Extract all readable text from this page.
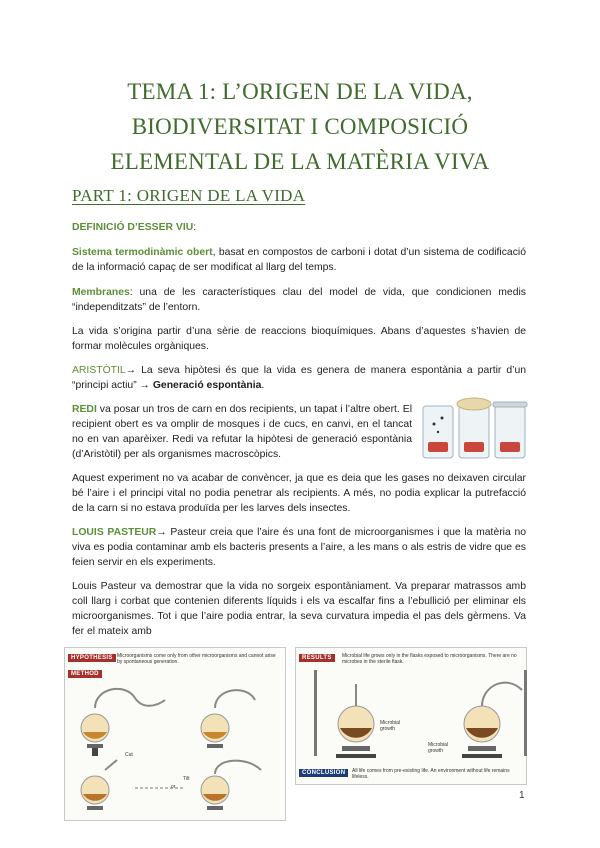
TEMA 1: L’ORIGEN DE LA VIDA,
BIODIVERSITAT I COMPOSICIÓ
ELEMENTAL DE LA MATÈRIA VIVA
PART 1: ORIGEN DE LA VIDA
DEFINICIÓ D’ESSER VIU:
Sistema termodinàmic obert, basat en compostos de carboni i dotat d’un sistema de codificació de la informació capaç de ser modificat al llarg del temps.
Membranes: una de les característiques clau del model de vida, que condicionen medis “independitzats” de l’entorn.
La vida s’origina partir d’una sèrie de reaccions bioquímiques. Abans d’aquestes s’havien de formar molècules orgàniques.
ARISTÒTIL→ La seva hipòtesi és que la vida es genera de manera espontània a partir d’un “principi actiu” → Generació espontània.
REDI va posar un tros de carn en dos recipients, un tapat i l’altre obert. El recipient obert es va omplir de mosques i de cucs, en canvi, en el tancat no en van aparèixer. Redi va refutar la hipòtesi de generació espontània (d’Aristòtil) per als organismes macroscòpics.
Aquest experiment no va acabar de convèncer, ja que es deia que les gases no deixaven circular bé l’aire i el principi vital no podia penetrar als recipients. A més, no podia explicar la putrefacció de la carn si no estava produïda per les larves dels insectes.
LOUIS PASTEUR→ Pasteur creia que l’aire és una font de microorganismes i que la matèria no viva es podia contaminar amb els bacteris presents a l’aire, a les mans o als estris de vidre que es feien servir en els experiments.
Louis Pasteur va demostrar que la vida no sorgeix espontàniament. Va preparar matrassos amb coll llarg i corbat que contenien diferents líquids i els va escalfar fins a l’ebullició per eliminar els microorganismes. Tot i que l’aire podia entrar, la seva curvatura impedia el pas dels gèrmens. Va fer el mateix amb
HYPOTHESIS Microorganisms come only from other microorganisms and cannot arise by spontaneous generation.
METHOD
Cut
or
Tilt
RESULTS	Microbial life grows only in the flasks exposed to microorganisms. There are no microbes in the sterile flask.
Microbial growth
Microbial growth
CONCLUSION	All life comes from pre-existing life. An environment without life remains lifeless.
1
